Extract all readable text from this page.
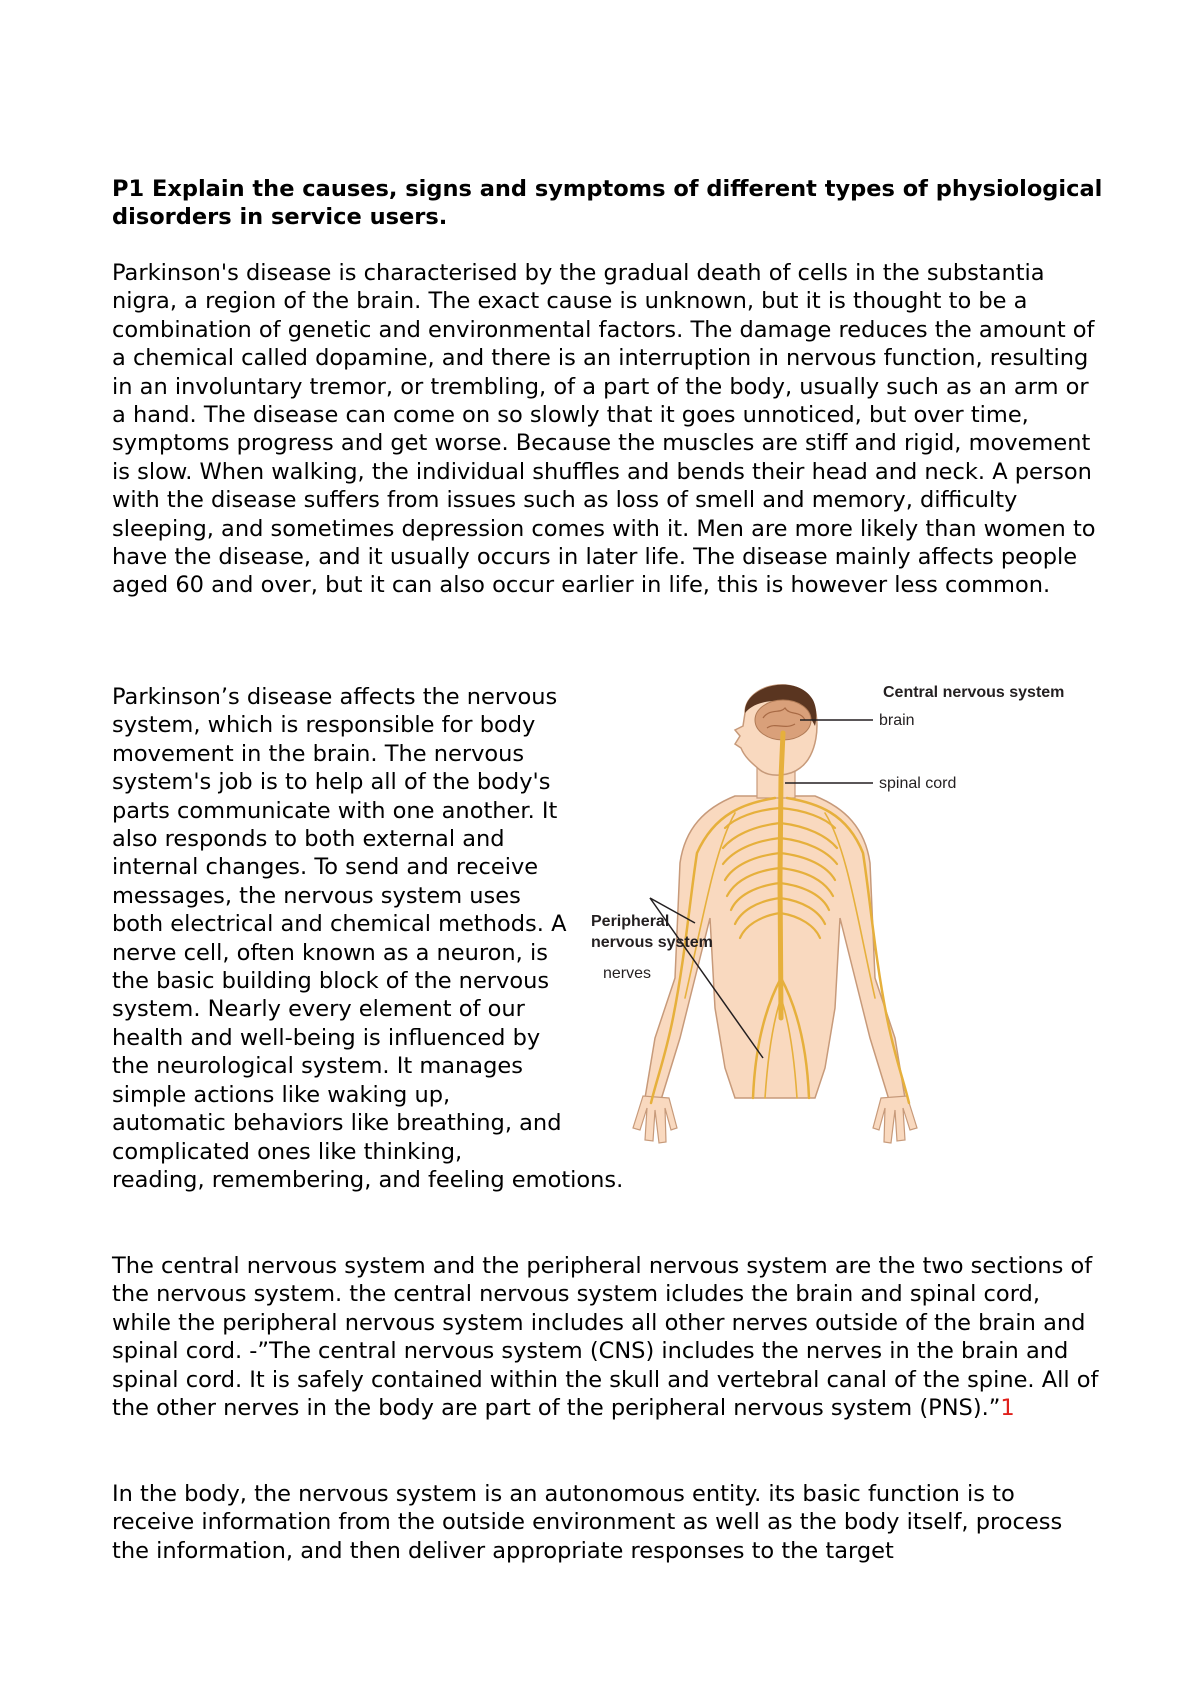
P1 Explain the causes, signs and symptoms of different types of physiological disorders in service users.

Parkinson's disease is characterised by the gradual death of cells in the substantia nigra, a region of the brain. The exact cause is unknown, but it is thought to be a combination of genetic and environmental factors. The damage reduces the amount of a chemical called dopamine, and there is an interruption in nervous function, resulting in an involuntary tremor, or trembling, of a part of the body, usually such as an arm or a hand. The disease can come on so slowly that it goes unnoticed, but over time, symptoms progress and get worse. Because the muscles are stiff and rigid, movement is slow. When walking, the individual shuffles and bends their head and neck. A person with the disease suffers from issues such as loss of smell and memory, difficulty sleeping, and sometimes depression comes with it. Men are more likely than women to have the disease, and it usually occurs in later life. The disease mainly affects people aged 60 and over, but it can also occur earlier in life, this is however less common.

Parkinson’s disease affects the nervous system, which is responsible for body movement in the brain. The nervous system's job is to help all of the body's parts communicate with one another. It also responds to both external and internal changes. To send and receive messages, the nervous system uses both electrical and chemical methods. A nerve cell, often known as a neuron, is the basic building block of the nervous system. Nearly every element of our health and well-being is influenced by the neurological system. It manages simple actions like waking up, automatic behaviors like breathing, and complicated ones like thinking,
reading, remembering, and feeling emotions.

Central nervous system
brain
spinal cord
Peripheral
nervous system
nerves

The central nervous system and the peripheral nervous system are the two sections of the nervous system. the central nervous system icludes the brain and spinal cord, while the peripheral nervous system includes all other nerves outside of the brain and spinal cord. -”The central nervous system (CNS) includes the nerves in the brain and spinal cord. It is safely contained within the skull and vertebral canal of the spine. All of the other nerves in the body are part of the peripheral nervous system (PNS).”1

In the body, the nervous system is an autonomous entity. its basic function is to receive information from the outside environment as well as the body itself, process the information, and then deliver appropriate responses to the target
